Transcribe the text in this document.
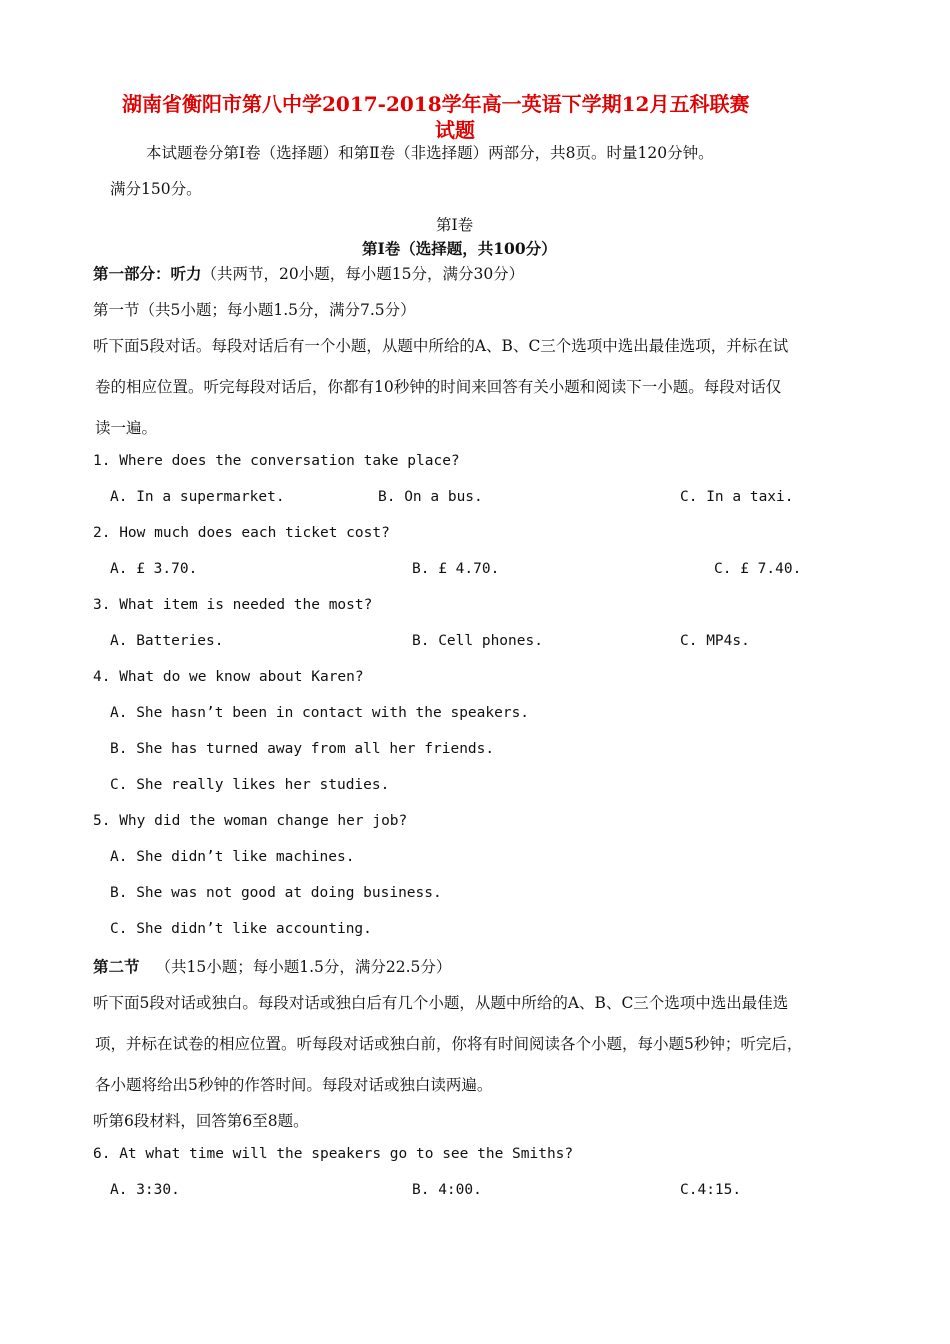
湖南省衡阳市第八中学2017-2018学年高一英语下学期12月五科联赛
试题
本试题卷分第Ⅰ卷（选择题）和第Ⅱ卷（非选择题）两部分，共8页。时量120分钟。
满分150分。
第Ⅰ卷
第Ⅰ卷（选择题，共100分）
第一部分：听力（共两节，20小题，每小题15分，满分30分）
第一节（共5小题；每小题1.5分，满分7.5分）
听下面5段对话。每段对话后有一个小题，从题中所给的A、B、C三个选项中选出最佳选项，并标在试
卷的相应位置。听完每段对话后，你都有10秒钟的时间来回答有关小题和阅读下一小题。每段对话仅
读一遍。
1. Where does the conversation take place?
A. In a supermarket.	B. On a bus.	C. In a taxi.
2. How much does each ticket cost?
A. £ 3.70.	B. £ 4.70.	C. £ 7.40.
3. What item is needed the most?
A. Batteries.	B. Cell phones.	C. MP4s.
4. What do we know about Karen?
A. She hasn’t been in contact with the speakers.
B. She has turned away from all her friends.
C. She really likes her studies.
5. Why did the woman change her job?
A. She didn’t like machines.
B. She was not good at doing business.
C. She didn’t like accounting.
第二节 （共15小题；每小题1.5分，满分22.5分）
听下面5段对话或独白。每段对话或独白后有几个小题，从题中所给的A、B、C三个选项中选出最佳选
项，并标在试卷的相应位置。听每段对话或独白前，你将有时间阅读各个小题，每小题5秒钟；听完后，
各小题将给出5秒钟的作答时间。每段对话或独白读两遍。
听第6段材料，回答第6至8题。
6. At what time will the speakers go to see the Smiths?
A. 3:30.	B. 4:00.	C.4:15.
